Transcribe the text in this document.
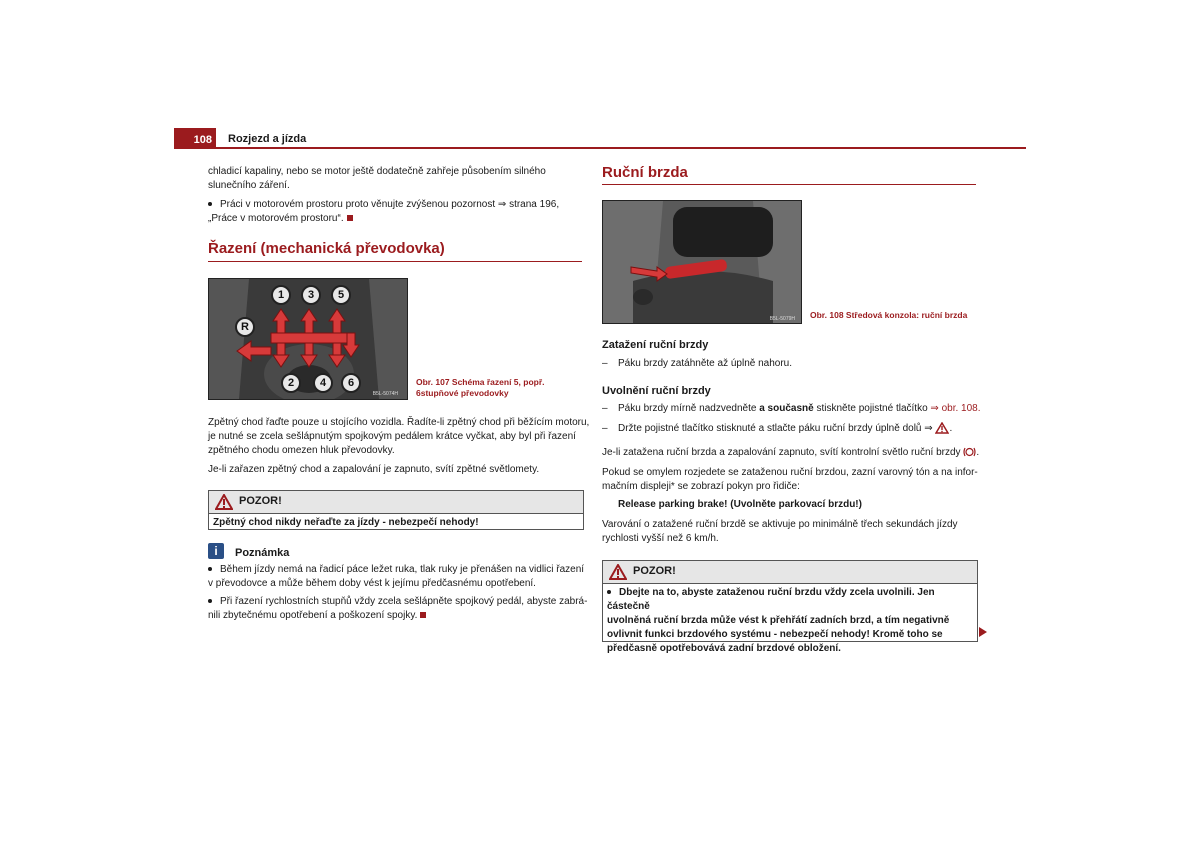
108	Rozjezd a jízda
chladicí kapaliny, nebo se motor ještě dodatečně zahřeje působením silného
slunečního záření.
Práci v motorovém prostoru proto věnujte zvýšenou pozornost ⇒ strana 196,
„Práce v motorovém prostoru“.
Řazení (mechanická převodovka)
B5L-5074H
R
1	3	5
2	4	6	Obr. 107 Schéma řazení 5, popř.
6stupňové převodovky
Zpětný chod řaďte pouze u stojícího vozidla. Řadíte-li zpětný chod při běžícím motoru,
je nutné se zcela sešlápnutým spojkovým pedálem krátce vyčkat, aby byl při řazení
zpětného chodu omezen hluk převodovky.
Je-li zařazen zpětný chod a zapalování je zapnuto, svítí zpětné světlomety.
POZOR!
Zpětný chod nikdy neřaďte za jízdy - nebezpečí nehody!
i	Poznámka
Během jízdy nemá na řadicí páce ležet ruka, tlak ruky je přenášen na vidlici řazení
v převodovce a může během doby vést k jejímu předčasnému opotřebení.
Při řazení rychlostních stupňů vždy zcela sešlápněte spojkový pedál, abyste zabrá-
nili zbytečnému opotřebení a poškození spojky.
Ruční brzda
B5L-5079H Obr. 108 Středová konzola: ruční brzda
Zatažení ruční brzdy
– Páku brzdy zatáhněte až úplně nahoru.
Uvolnění ruční brzdy
– Páku brzdy mírně nadzvedněte a současně stiskněte pojistné tlačítko ⇒ obr. 108.
– Držte pojistné tlačítko stisknuté a stlačte páku ruční brzdy úplně dolů ⇒ .
Je-li zatažena ruční brzda a zapalování zapnuto, svítí kontrolní světlo ruční brzdy .
Pokud se omylem rozjedete se zataženou ruční brzdou, zazní varovný tón a na infor-
mačním displeji* se zobrazí pokyn pro řidiče:
Release parking brake! (Uvolněte parkovací brzdu!)
Varování o zatažené ruční brzdě se aktivuje po minimálně třech sekundách jízdy
rychlosti vyšší než 6 km/h.
POZOR!
Dbejte na to, abyste zataženou ruční brzdu vždy zcela uvolnili. Jen částečně
uvolněná ruční brzda může vést k přehřátí zadních brzd, a tím negativně
ovlivnit funkci brzdového systému - nebezpečí nehody! Kromě toho se
předčasně opotřebovává zadní brzdové obložení.
